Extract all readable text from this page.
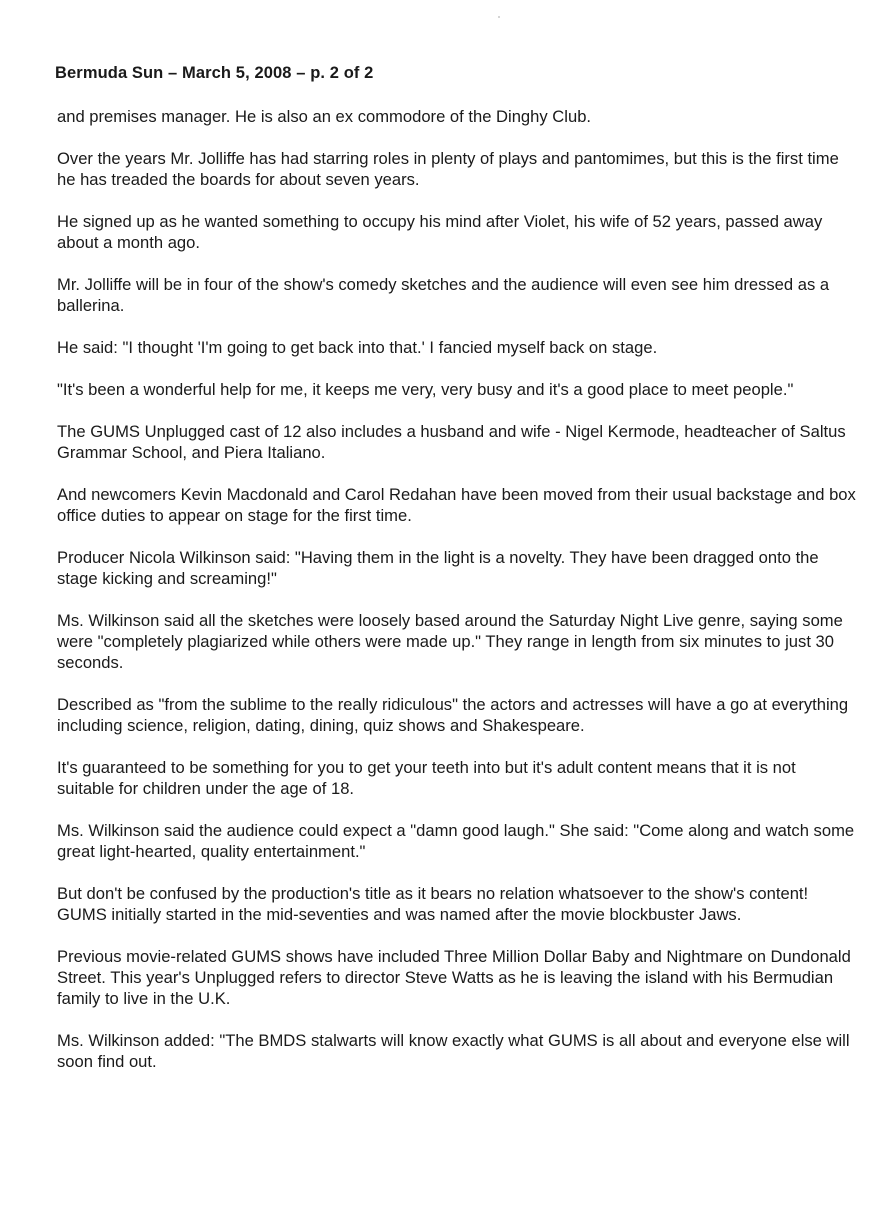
Bermuda Sun – March 5, 2008 – p. 2 of 2

and premises manager. He is also an ex commodore of the Dinghy Club.

Over the years Mr. Jolliffe has had starring roles in plenty of plays and pantomimes, but this is the first time he has treaded the boards for about seven years.

He signed up as he wanted something to occupy his mind after Violet, his wife of 52 years, passed away about a month ago.

Mr. Jolliffe will be in four of the show's comedy sketches and the audience will even see him dressed as a ballerina.

He said: "I thought 'I'm going to get back into that.' I fancied myself back on stage.

"It's been a wonderful help for me, it keeps me very, very busy and it's a good place to meet people."

The GUMS Unplugged cast of 12 also includes a husband and wife - Nigel Kermode, headteacher of Saltus Grammar School, and Piera Italiano.

And newcomers Kevin Macdonald and Carol Redahan have been moved from their usual backstage and box office duties to appear on stage for the first time.

Producer Nicola Wilkinson said: "Having them in the light is a novelty. They have been dragged onto the stage kicking and screaming!"

Ms. Wilkinson said all the sketches were loosely based around the Saturday Night Live genre, saying some were "completely plagiarized while others were made up." They range in length from six minutes to just 30 seconds.

Described as "from the sublime to the really ridiculous" the actors and actresses will have a go at everything including science, religion, dating, dining, quiz shows and Shakespeare.

It's guaranteed to be something for you to get your teeth into but it's adult content means that it is not suitable for children under the age of 18.

Ms. Wilkinson said the audience could expect a "damn good laugh." She said: "Come along and watch some great light-hearted, quality entertainment."

But don't be confused by the production's title as it bears no relation whatsoever to the show's content! GUMS initially started in the mid-seventies and was named after the movie blockbuster Jaws.

Previous movie-related GUMS shows have included Three Million Dollar Baby and Nightmare on Dundonald Street. This year's Unplugged refers to director Steve Watts as he is leaving the island with his Bermudian family to live in the U.K.

Ms. Wilkinson added: "The BMDS stalwarts will know exactly what GUMS is all about and everyone else will soon find out.
